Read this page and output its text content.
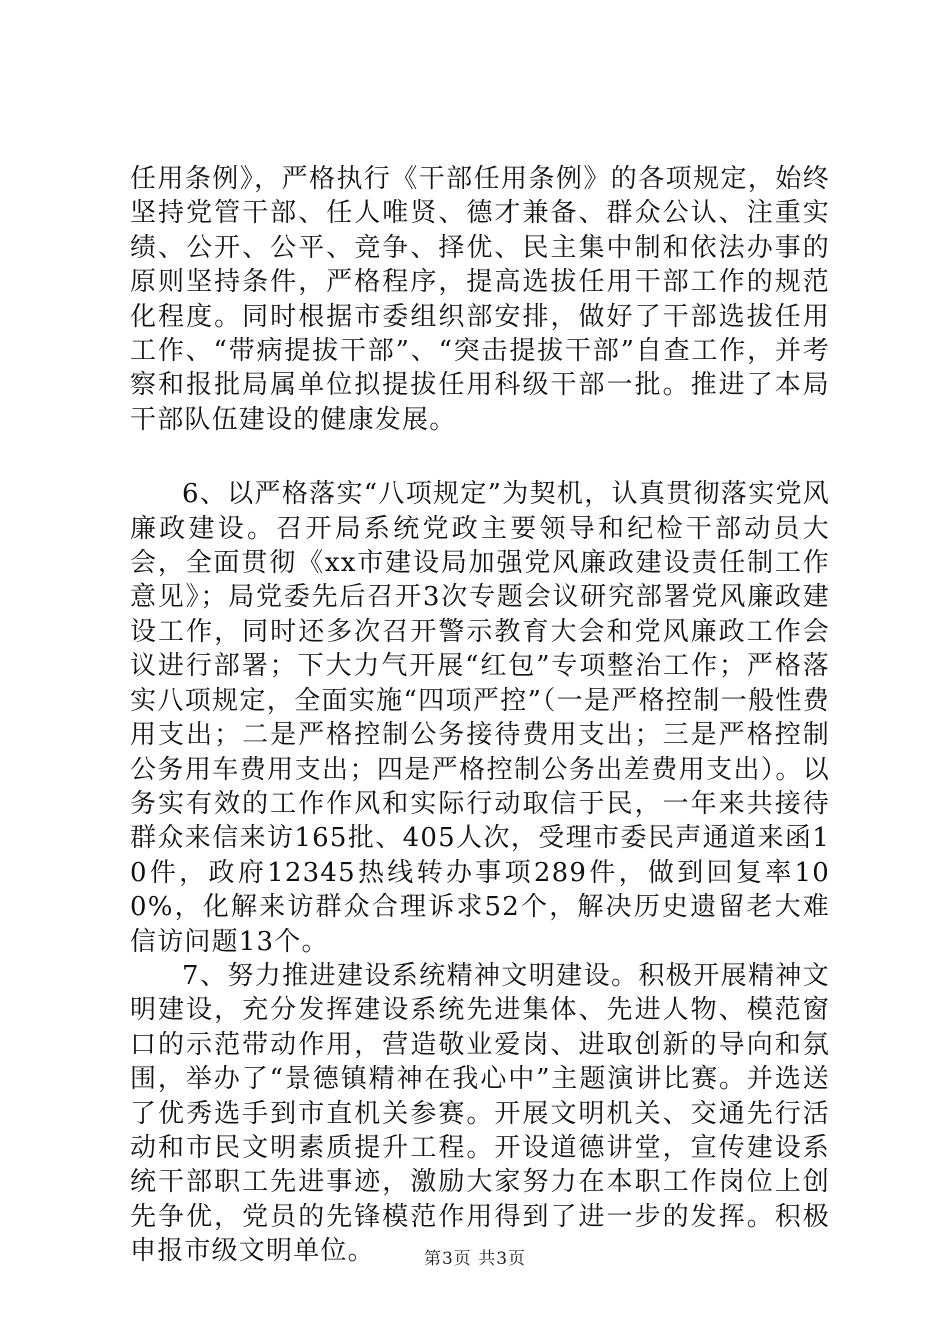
任用条例》，严格执行《干部任用条例》的各项规定，始终坚持党管干部、任人唯贤、德才兼备、群众公认、注重实绩、公开、公平、竞争、择优、民主集中制和依法办事的原则坚持条件，严格程序，提高选拔任用干部工作的规范化程度。同时根据市委组织部安排，做好了干部选拔任用工作、“带病提拔干部”、“突击提拔干部”自查工作，并考察和报批局属单位拟提拔任用科级干部一批。推进了本局干部队伍建设的健康发展。

6、以严格落实“八项规定”为契机，认真贯彻落实党风廉政建设。召开局系统党政主要领导和纪检干部动员大会，全面贯彻《xx市建设局加强党风廉政建设责任制工作意见》；局党委先后召开3次专题会议研究部署党风廉政建设工作，同时还多次召开警示教育大会和党风廉政工作会议进行部署；下大力气开展“红包”专项整治工作；严格落实八项规定，全面实施“四项严控”（一是严格控制一般性费用支出；二是严格控制公务接待费用支出；三是严格控制公务用车费用支出；四是严格控制公务出差费用支出）。以务实有效的工作作风和实际行动取信于民，一年来共接待群众来信来访165批、405人次，受理市委民声通道来函10件，政府12345热线转办事项289件，做到回复率100%，化解来访群众合理诉求52个，解决历史遗留老大难信访问题13个。

7、努力推进建设系统精神文明建设。积极开展精神文明建设，充分发挥建设系统先进集体、先进人物、模范窗口的示范带动作用，营造敬业爱岗、进取创新的导向和氛围，举办了“景德镇精神在我心中”主题演讲比赛。并选送了优秀选手到市直机关参赛。开展文明机关、交通先行活动和市民文明素质提升工程。开设道德讲堂，宣传建设系统干部职工先进事迹，激励大家努力在本职工作岗位上创先争优，党员的先锋模范作用得到了进一步的发挥。积极申报市级文明单位。	第3页 共3页
